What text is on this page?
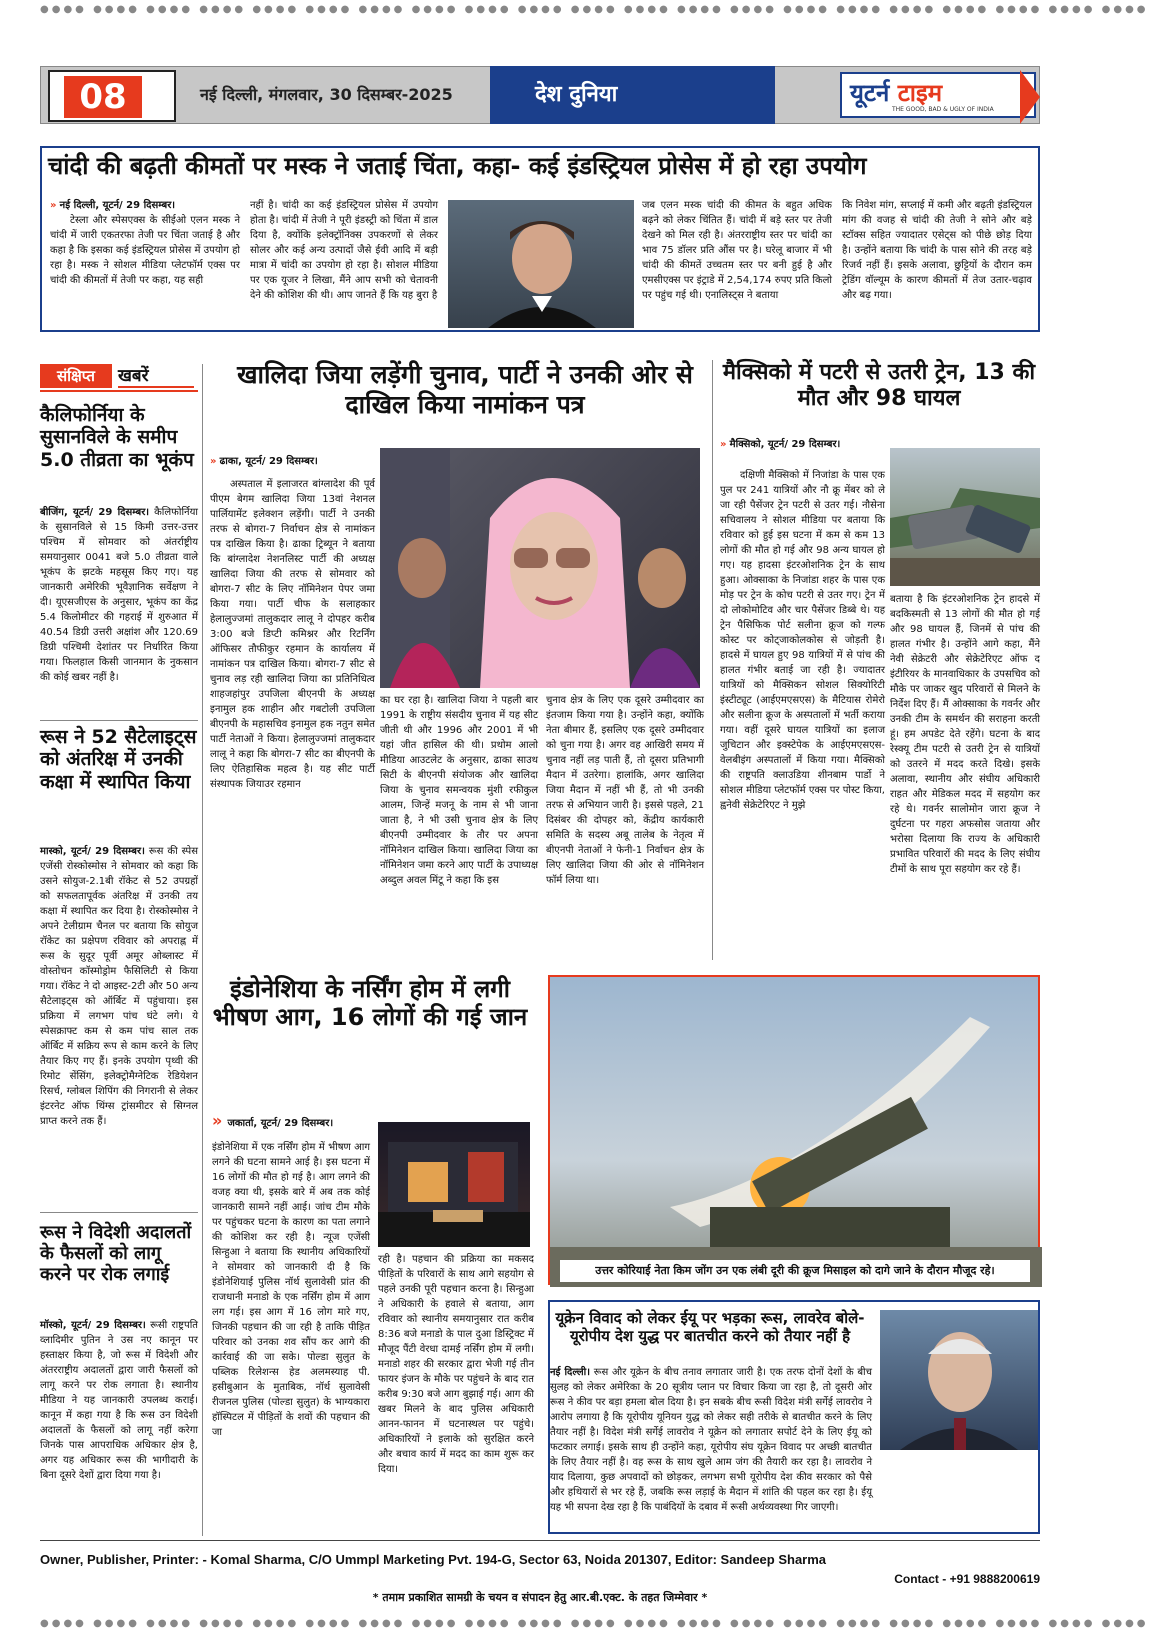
●●●● ●●●● ●●●● ●●●● ●●●● ●●●● ●●●● ●●●● ●●●● ●●●● ●●●● ●●●● ●●●● ●●●● ●●●● ●●●● ●●●● ●●●● ●●●● ●●●● ●●●●
●●●● ●●●● ●●●● ●●●● ●●●● ●●●● ●●●● ●●●● ●●●● ●●●● ●●●● ●●●● ●●●● ●●●● ●●●● ●●●● ●●●● ●●●● ●●●● ●●●● ●●●●
08	नई दिल्ली, मंगलवार, 30 दिसम्बर-2025	देश दुनिया	यूटर्न टाइम
THE GOOD, BAD & UGLY OF INDIA
चांदी की बढ़ती कीमतों पर मस्क ने जताई चिंता, कहा- कई इंडस्ट्रियल प्रोसेस में हो रहा उपयोग
» नई दिल्ली, यूटर्न/ 29 दिसम्बर।
टेस्ला और स्पेसएक्स के सीईओ एलन मस्क ने चांदी में जारी एकतरफा तेजी पर चिंता जताई है और कहा है कि इसका कई इंडस्ट्रियल प्रोसेस में उपयोग हो रहा है। मस्क ने सोशल मीडिया प्लेटफॉर्म एक्स पर चांदी की कीमतों में तेजी पर कहा, यह सही
नहीं है। चांदी का कई इंडस्ट्रियल प्रोसेस में उपयोग होता है। चांदी में तेजी ने पूरी इंडस्ट्री को चिंता में डाल दिया है, क्योंकि इलेक्ट्रॉनिक्स उपकरणों से लेकर सोलर और कई अन्य उत्पादों जैसे ईवी आदि में बड़ी मात्रा में चांदी का उपयोग हो रहा है। सोशल मीडिया पर एक यूजर ने लिखा, मैंने आप सभी को चेतावनी देने की कोशिश की थी। आप जानते हैं कि यह बुरा है
जब एलन मस्क चांदी की कीमत के बहुत अधिक बढ़ने को लेकर चिंतित हैं। चांदी में बड़े स्तर पर तेजी देखने को मिल रही है। अंतरराष्ट्रीय स्तर पर चांदी का भाव 75 डॉलर प्रति औंस पर है। घरेलू बाजार में भी चांदी की कीमतें उच्चतम स्तर पर बनी हुई है और एमसीएक्स पर इंट्राडे में 2,54,174 रुपए प्रति किलो पर पहुंच गई थी। एनालिस्ट्स ने बताया
कि निवेश मांग, सप्लाई में कमी और बढ़ती इंडस्ट्रियल मांग की वजह से चांदी की तेजी ने सोने और बड़े स्टॉक्स सहित ज्यादातर एसेट्स को पीछे छोड़ दिया है। उन्होंने बताया कि चांदी के पास सोने की तरह बड़े रिजर्व नहीं हैं। इसके अलावा, छुट्टियों के दौरान कम ट्रेडिंग वॉल्यूम के कारण कीमतों में तेज उतार-चढ़ाव और बढ़ गया।
संक्षिप्त	खबरें
कैलिफोर्निया के सुसानविले के समीप 5.0 तीव्रता का भूकंप
बीजिंग, यूटर्न/ 29 दिसम्बर। कैलिफोर्निया के सुसानविले से 15 किमी उत्तर-उत्तर पश्चिम में सोमवार को अंतर्राष्ट्रीय समयानुसार 0041 बजे 5.0 तीव्रता वाले भूकंप के झटके महसूस किए गए। यह जानकारी अमेरिकी भूवैज्ञानिक सर्वेक्षण ने दी। यूएसजीएस के अनुसार, भूकंप का केंद्र 5.4 किलोमीटर की गहराई में शुरुआत में 40.54 डिग्री उत्तरी अक्षांश और 120.69 डिग्री पश्चिमी देशांतर पर निर्धारित किया गया। फिलहाल किसी जानमान के नुकसान की कोई खबर नहीं है।
रूस ने 52 सैटेलाइट्स को अंतरिक्ष में उनकी कक्षा में स्थापित किया
मास्को, यूटर्न/ 29 दिसम्बर। रूस की स्पेस एजेंसी रोस्कोस्मोस ने सोमवार को कहा कि उसने सोयुज-2.1बी रॉकेट से 52 उपग्रहों को सफलतापूर्वक अंतरिक्ष में उनकी तय कक्षा में स्थापित कर दिया है। रोस्कोस्मोस ने अपने टेलीग्राम चैनल पर बताया कि सोयुज रॉकेट का प्रक्षेपण रविवार को अपराह्न में रूस के सुदूर पूर्वी अमूर ओब्लास्ट में वोस्तोचन कॉस्मोड्रोम फैसिलिटी से किया गया। रॉकेट ने दो आइस्ट-2टी और 50 अन्य सैटेलाइट्स को ऑर्बिट में पहुंचाया। इस प्रक्रिया में लगभग पांच घंटे लगे। ये स्पेसक्राफ्ट कम से कम पांच साल तक ऑर्बिट में सक्रिय रूप से काम करने के लिए तैयार किए गए हैं। इनके उपयोग पृथ्वी की रिमोट सेंसिंग, इलेक्ट्रोमैग्नेटिक रेडियेशन रिसर्च, ग्लोबल शिपिंग की निगरानी से लेकर इंटरनेट ऑफ थिंग्स ट्रांसमीटर से सिग्नल प्राप्त करने तक हैं।
रूस ने विदेशी अदालतों के फैसलों को लागू करने पर रोक लगाई
मॉस्को, यूटर्न/ 29 दिसम्बर। रूसी राष्ट्रपति व्लादिमीर पुतिन ने उस नए कानून पर हस्ताक्षर किया है, जो रूस में विदेशी और अंतरराष्ट्रीय अदालतों द्वारा जारी फैसलों को लागू करने पर रोक लगाता है। स्थानीय मीडिया ने यह जानकारी उपलब्ध कराई। कानून में कहा गया है कि रूस उन विदेशी अदालतों के फैसलों को लागू नहीं करेगा जिनके पास आपराधिक अधिकार क्षेत्र है, अगर यह अधिकार रूस की भागीदारी के बिना दूसरे देशों द्वारा दिया गया है।
खालिदा जिया लड़ेंगी चुनाव, पार्टी ने उनकी ओर से दाखिल किया नामांकन पत्र
» ढाका, यूटर्न/ 29 दिसम्बर।
अस्पताल में इलाजरत बांग्लादेश की पूर्व पीएम बेगम खालिदा जिया 13वां नेशनल पार्लियामेंट इलेक्शन लड़ेंगी। पार्टी ने उनकी तरफ से बोगरा-7 निर्वाचन क्षेत्र से नामांकन पत्र दाखिल किया है। ढाका ट्रिब्यून ने बताया कि बांग्लादेश नेशनलिस्ट पार्टी की अध्यक्ष खालिदा जिया की तरफ से सोमवार को बोगरा-7 सीट के लिए नॉमिनेशन पेपर जमा किया गया। पार्टी चीफ के सलाहकार हेलालुज्जमां तालुकदार लालू ने दोपहर करीब 3:00 बजे डिप्टी कमिश्नर और रिटर्निंग ऑफिसर तौफीकुर रहमान के कार्यालय में नामांकन पत्र दाखिल किया। बोगरा-7 सीट से चुनाव लड़ रही खालिदा जिया का प्रतिनिधित्व शाहजहांपुर उपजिला बीएनपी के अध्यक्ष इनामुल हक शाहीन और गबटोली उपजिला बीएनपी के महासचिव इनामुल हक नतुन समेत पार्टी नेताओं ने किया। हेलालुज्जमां तालुकदार लालू ने कहा कि बोगरा-7 सीट का बीएनपी के लिए ऐतिहासिक महत्व है। यह सीट पार्टी संस्थापक जियाउर रहमान
का घर रहा है। खालिदा जिया ने पहली बार 1991 के राष्ट्रीय संसदीय चुनाव में यह सीट जीती थी और 1996 और 2001 में भी यहां जीत हासिल की थी। प्रथोम आलो मीडिया आउटलेट के अनुसार, ढाका साउथ सिटी के बीएनपी संयोजक और खालिदा जिया के चुनाव समन्वयक मुंशी रफीकुल आलम, जिन्हें मजनू के नाम से भी जाना जाता है, ने भी उसी चुनाव क्षेत्र के लिए बीएनपी उम्मीदवार के तौर पर अपना नॉमिनेशन दाखिल किया। खालिदा जिया का नॉमिनेशन जमा करने आए पार्टी के उपाध्यक्ष अब्दुल अवल मिंटू ने कहा कि इस
चुनाव क्षेत्र के लिए एक दूसरे उम्मीदवार का इंतजाम किया गया है। उन्होंने कहा, क्योंकि नेता बीमार हैं, इसलिए एक दूसरे उम्मीदवार को चुना गया है। अगर वह आखिरी समय में चुनाव नहीं लड़ पाती हैं, तो दूसरा प्रतिभागी मैदान में उतरेगा। हालांकि, अगर खालिदा जिया मैदान में नहीं भी हैं, तो भी उनकी तरफ से अभियान जारी है। इससे पहले, 21 दिसंबर की दोपहर को, केंद्रीय कार्यकारी समिति के सदस्य अबू तालेब के नेतृत्व में बीएनपी नेताओं ने फेनी-1 निर्वाचन क्षेत्र के लिए खालिदा जिया की ओर से नॉमिनेशन फॉर्म लिया था।
मैक्सिको में पटरी से उतरी ट्रेन, 13 की मौत और 98 घायल
» मैक्सिको, यूटर्न/ 29 दिसम्बर।
दक्षिणी मैक्सिको में निजांडा के पास एक पुल पर 241 यात्रियों और नौ क्रू मेंबर को ले जा रही पैसेंजर ट्रेन पटरी से उतर गई। नौसेना सचिवालय ने सोशल मीडिया पर बताया कि रविवार को हुई इस घटना में कम से कम 13 लोगों की मौत हो गई और 98 अन्य घायल हो गए। यह हादसा इंटरओशनिक ट्रेन के साथ हुआ। ओक्साका के निजांडा शहर के पास एक मोड़ पर ट्रेन के कोच पटरी से उतर गए। ट्रेन में दो लोकोमोटिव और चार पैसेंजर डिब्बे थे। यह ट्रेन पैसिफिक पोर्ट सलीना क्रूज को गल्फ कोस्ट पर कोट्जाकोलकोस से जोड़ती है। हादसे में घायल हुए 98 यात्रियों में से पांच की हालत गंभीर बताई जा रही है। ज्यादातर यात्रियों को मैक्सिकन सोशल सिक्योरिटी इंस्टीट्यूट (आईएमएसएस) के मैटियास रोमेरो और सलीना क्रूज के अस्पतालों में भर्ती कराया गया। वहीं दूसरे घायल यात्रियों का इलाज जुचिटान और इक्स्टेपेक के आईएमएसएस-वेलबीइंग अस्पतालों में किया गया। मैक्सिको की राष्ट्रपति क्लाउडिया शीनबाम पार्डो ने सोशल मीडिया प्लेटफॉर्म एक्स पर पोस्ट किया, ह्वनेवी सेक्रेटेरिएट ने मुझे
बताया है कि इंटरओशनिक ट्रेन हादसे में बदकिस्मती से 13 लोगों की मौत हो गई और 98 घायल हैं, जिनमें से पांच की हालत गंभीर है। उन्होंने आगे कहा, मैंने नेवी सेक्रेटरी और सेक्रेटेरिएट ऑफ द इंटीरियर के मानवाधिकार के उपसचिव को मौके पर जाकर खुद परिवारों से मिलने के निर्देश दिए हैं। मैं ओक्साका के गवर्नर और उनकी टीम के समर्थन की सराहना करती हूं। हम अपडेट देते रहेंगे। घटना के बाद रेस्क्यू टीम पटरी से उतरी ट्रेन से यात्रियों को उतरने में मदद करते दिखे। इसके अलावा, स्थानीय और संघीय अधिकारी राहत और मेडिकल मदद में सहयोग कर रहे थे। गवर्नर सालोमोन जारा क्रूज ने दुर्घटना पर गहरा अफसोस जताया और भरोसा दिलाया कि राज्य के अधिकारी प्रभावित परिवारों की मदद के लिए संघीय टीमों के साथ पूरा सहयोग कर रहे हैं।
इंडोनेशिया के नर्सिंग होम में लगी भीषण आग, 16 लोगों की गई जान
» जकार्ता, यूटर्न/ 29 दिसम्बर।
इंडोनेशिया में एक नर्सिंग होम में भीषण आग लगने की घटना सामने आई है। इस घटना में 16 लोगों की मौत हो गई है। आग लगने की वजह क्या थी, इसके बारे में अब तक कोई जानकारी सामने नहीं आई। जांच टीम मौके पर पहुंचकर घटना के कारण का पता लगाने की कोशिश कर रही है। न्यूज एजेंसी सिन्हुआ ने बताया कि स्थानीय अधिकारियों ने सोमवार को जानकारी दी है कि इंडोनेशियाई पुलिस नॉर्थ सुलावेसी प्रांत की राजधानी मनाडो के एक नर्सिंग होम में आग लग गई। इस आग में 16 लोग मारे गए, जिनकी पहचान की जा रही है ताकि पीड़ित परिवार को उनका शव सौंप कर आगे की कार्रवाई की जा सके। पोल्डा सुलुत के पब्लिक रिलेशन्स हेड अलमस्याह पी. हसीबुआन के मुताबिक, नॉर्थ सुलावेसी रीजनल पुलिस (पोल्डा सुलुत) के भाग्यकारा हॉस्पिटल में पीड़ितों के शवों की पहचान की जा
रही है। पहचान की प्रक्रिया का मकसद पीड़ितों के परिवारों के साथ आगे सहयोग से पहले उनकी पूरी पहचान करना है। सिन्हुआ ने अधिकारी के हवाले से बताया, आग रविवार को स्थानीय समयानुसार रात करीब 8:36 बजे मनाडो के पाल दुआ डिस्ट्रिक्ट में मौजूद पैंटी वेरधा दामई नर्सिंग होम में लगी। मनाडो शहर की सरकार द्वारा भेजी गई तीन फायर इंजन के मौके पर पहुंचने के बाद रात करीब 9:30 बजे आग बुझाई गई। आग की खबर मिलने के बाद पुलिस अधिकारी आनन-फानन में घटनास्थल पर पहुंचे। अधिकारियों ने इलाके को सुरक्षित करने और बचाव कार्य में मदद का काम शुरू कर दिया।
उत्तर कोरियाई नेता किम जोंग उन एक लंबी दूरी की क्रूज मिसाइल को दागे जाने के दौरान मौजूद रहे।
यूक्रेन विवाद को लेकर ईयू पर भड़का रूस, लावरेव बोले- यूरोपीय देश युद्ध पर बातचीत करने को तैयार नहीं है
नई दिल्ली। रूस और यूक्रेन के बीच तनाव लगातार जारी है। एक तरफ दोनों देशों के बीच सुलह को लेकर अमेरिका के 20 सूत्रीय प्लान पर विचार किया जा रहा है, तो दूसरी ओर रूस ने कीव पर बड़ा हमला बोल दिया है। इन सबके बीच रूसी विदेश मंत्री सर्गेई लावरोव ने आरोप लगाया है कि यूरोपीय यूनियन युद्ध को लेकर सही तरीके से बातचीत करने के लिए तैयार नहीं है। विदेश मंत्री सर्गेई लावरोव ने यूक्रेन को लगातार सपोर्ट देने के लिए ईयू को फटकार लगाई। इसके साथ ही उन्होंने कहा, यूरोपीय संघ यूक्रेन विवाद पर अच्छी बातचीत के लिए तैयार नहीं है। वह रूस के साथ खुले आम जंग की तैयारी कर रहा है। लावरोव ने याद दिलाया, कुछ अपवादों को छोड़कर, लगभग सभी यूरोपीय देश कीव सरकार को पैसे और हथियारों से भर रहे हैं, जबकि रूस लड़ाई के मैदान में शांति की पहल कर रहा है। ईयू यह भी सपना देख रहा है कि पाबंदियों के दबाव में रूसी अर्थव्यवस्था गिर जाएगी।
Owner, Publisher, Printer: - Komal Sharma, C/O Ummpl Marketing Pvt. 194-G, Sector 63, Noida 201307, Editor: Sandeep Sharma
Contact - +91 9888200619
* तमाम प्रकाशित सामग्री के चयन व संपादन हेतु आर.बी.एक्ट. के तहत जिम्मेवार *
